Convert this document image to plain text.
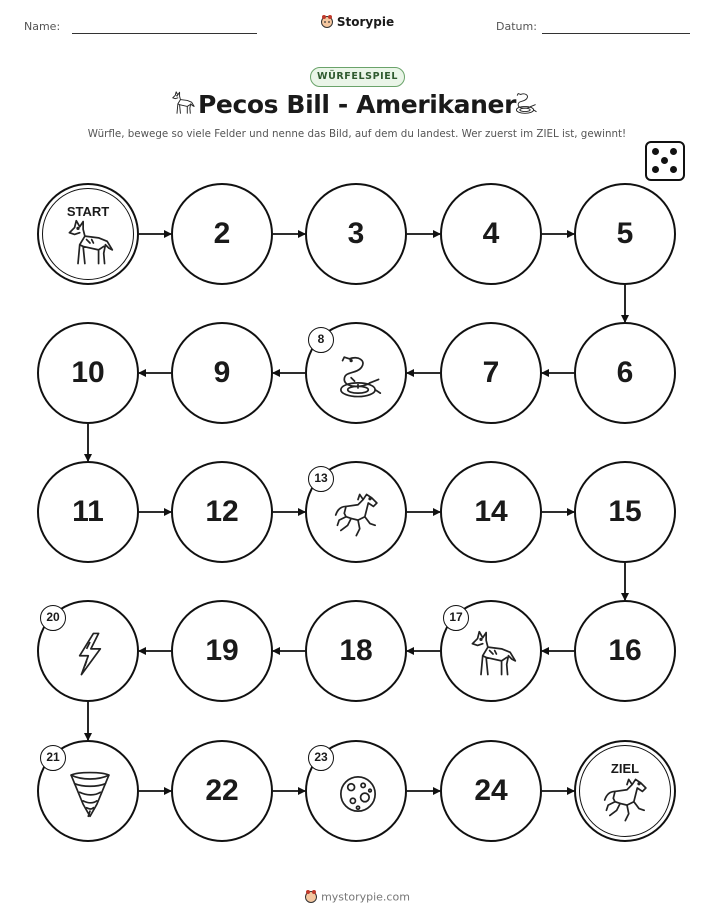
Name:	Storypie	Datum:
WÜRFELSPIEL
Pecos Bill - Amerikaner
Würfle, bewege so viele Felder und nenne das Bild, auf dem du landest. Wer zuerst im ZIEL ist, gewinnt!
START
2	3	4	5
6
7
8
9
10
11	12
13
14	15
16
17
18
19
20
21
22
23
24
ZIEL
mystorypie.com
